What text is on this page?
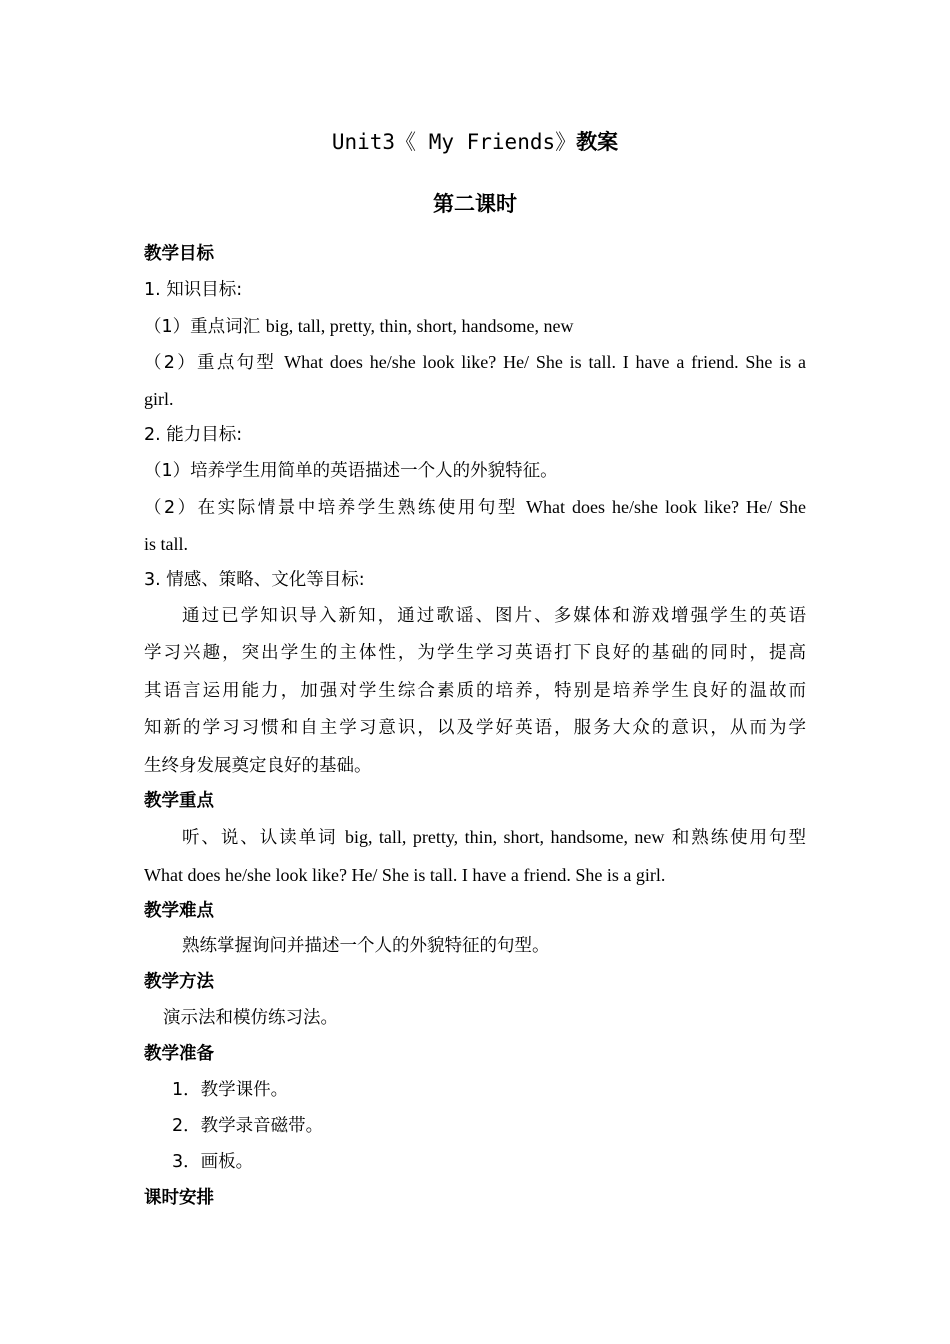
Unit3《 My Friends》教案
第二课时
教学目标
1. 知识目标:
（1）重点词汇 big, tall, pretty, thin, short, handsome, new
（2）重点句型 What does he/she look like? He/ She is tall. I have a friend. She is a
girl.
2. 能力目标:
（1）培养学生用简单的英语描述一个人的外貌特征。
（2）在实际情景中培养学生熟练使用句型 What does he/she look like? He/ She
is tall.
3. 情感、策略、文化等目标:
通过已学知识导入新知，通过歌谣、图片、多媒体和游戏增强学生的英语
学习兴趣，突出学生的主体性，为学生学习英语打下良好的基础的同时，提高
其语言运用能力，加强对学生综合素质的培养，特别是培养学生良好的温故而
知新的学习习惯和自主学习意识，以及学好英语，服务大众的意识，从而为学
生终身发展奠定良好的基础。
教学重点
听、说、认读单词 big, tall, pretty, thin, short, handsome, new 和熟练使用句型
What does he/she look like? He/ She is tall. I have a friend. She is a girl.
教学难点
熟练掌握询问并描述一个人的外貌特征的句型。
教学方法
演示法和模仿练习法。
教学准备
1．教学课件。
2．教学录音磁带。
3．画板。
课时安排
